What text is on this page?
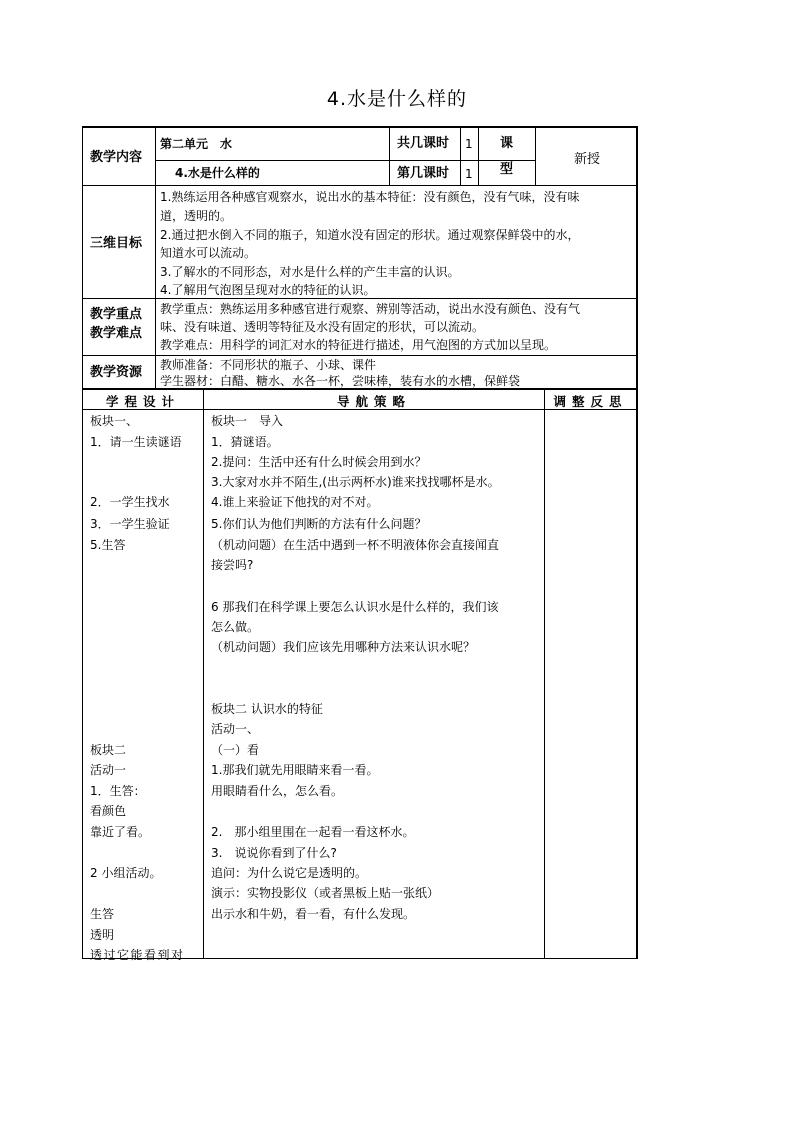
4.水是什么样的
教学内容
第二单元　水
4.水是什么样的
共几课时 1
第几课时 1
课
型
新授
三维目标
1.熟练运用各种感官观察水，说出水的基本特征：没有颜色，没有气味，没有味
道，透明的。
2.通过把水倒入不同的瓶子，知道水没有固定的形状。通过观察保鲜袋中的水，
知道水可以流动。
3.了解水的不同形态，对水是什么样的产生丰富的认识。
4.了解用气泡图呈现对水的特征的认识。
教学重点
教学难点
教学重点：熟练运用多种感官进行观察、辨别等活动，说出水没有颜色、没有气
味、没有味道、透明等特征及水没有固定的形状，可以流动。
教学难点：用科学的词汇对水的特征进行描述，用气泡图的方式加以呈现。
教学资源 教师准备：不同形状的瓶子、小球、课件
学生器材：白醋、糖水、水各一杯，尝味棒，装有水的水槽，保鲜袋
学程设计	导航策略	调整反思
板块一、
1．请一生读谜语
2．一学生找水
3．一学生验证
5.生答
板块二
活动一
1．生答：
看颜色
靠近了看。
2 小组活动。
生答
透明
透过它能看到对
板块一　导入
1．猜谜语。
2.提问：生活中还有什么时候会用到水？
3.大家对水并不陌生,(出示两杯水)谁来找找哪杯是水。
4.谁上来验证下他找的对不对。
5.你们认为他们判断的方法有什么问题？
（机动问题）在生活中遇到一杯不明液体你会直接闻直
接尝吗?
6 那我们在科学课上要怎么认识水是什么样的，我们该
怎么做。
（机动问题）我们应该先用哪种方法来认识水呢？
板块二 认识水的特征
活动一、
（一）看
1.那我们就先用眼睛来看一看。
用眼睛看什么，怎么看。
2.　那小组里围在一起看一看这杯水。
3.　说说你看到了什么?
追问：为什么说它是透明的。
演示：实物投影仪（或者黑板上贴一张纸）
出示水和牛奶，看一看，有什么发现。
